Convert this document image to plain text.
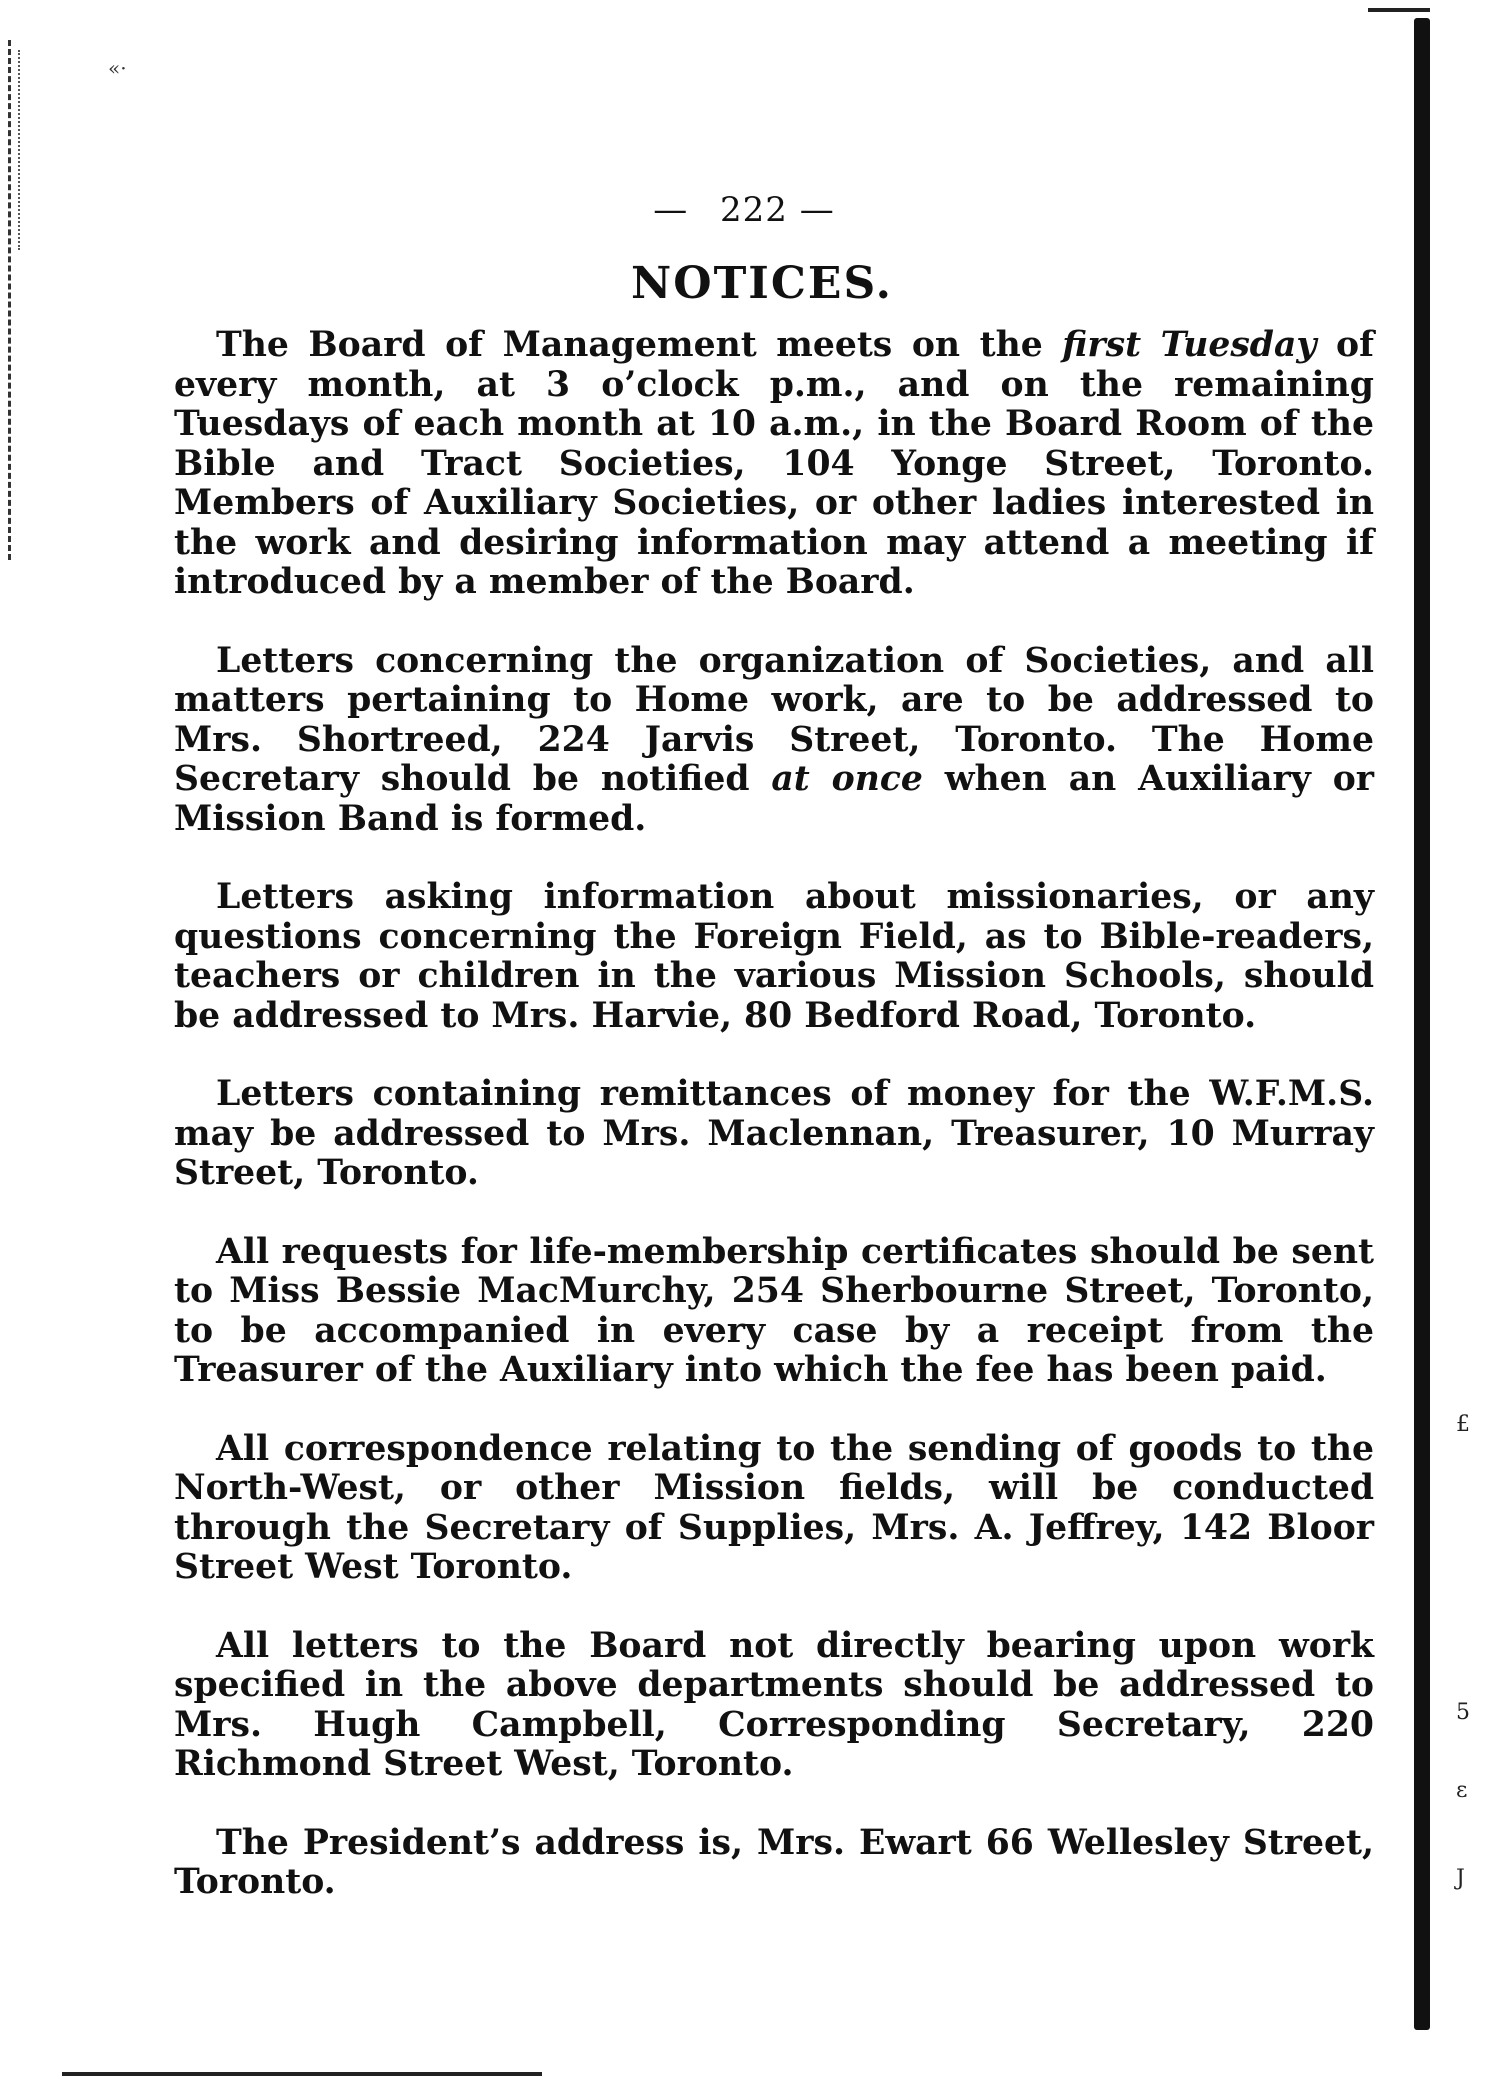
«·
— 222 —
NOTICES.

The Board of Management meets on the first Tuesday of every month, at 3 o’clock p.m., and on the remaining Tuesdays of each month at 10 a.m., in the Board Room of the Bible and Tract Societies, 104 Yonge Street, Toronto. Members of Auxiliary Societies, or other ladies interested in the work and desiring information may attend a meeting if introduced by a member of the Board.

Letters concerning the organization of Societies, and all matters pertaining to Home work, are to be addressed to Mrs. Shortreed, 224 Jarvis Street, Toronto. The Home Secretary should be notified at once when an Auxiliary or Mission Band is formed.

Letters asking information about missionaries, or any questions concerning the Foreign Field, as to Bible-readers, teachers or children in the various Mission Schools, should be addressed to Mrs. Harvie, 80 Bedford Road, Toronto.

Letters containing remittances of money for the W.F.M.S. may be addressed to Mrs. Maclennan, Treasurer, 10 Murray Street, Toronto.

All requests for life-membership certificates should be sent to Miss Bessie MacMurchy, 254 Sherbourne Street, Toronto, to be accompanied in every case by a receipt from the Treasurer of the Auxiliary into which the fee has been paid.

All correspondence relating to the sending of goods to the North-West, or other Mission fields, will be conducted through the Secretary of Supplies, Mrs. A. Jeffrey, 142 Bloor Street West Toronto.

All letters to the Board not directly bearing upon work specified in the above departments should be addressed to Mrs. Hugh Campbell, Corresponding Secretary, 220 Richmond Street West, Toronto.

The President’s address is, Mrs. Ewart 66 Wellesley Street, Toronto.

£
5
ε
J
